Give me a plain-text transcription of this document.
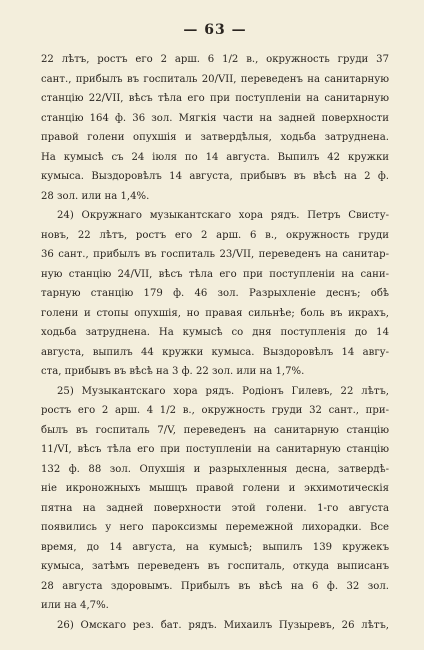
— 63 —

22 лѣтъ, ростъ его 2 арш. 6 1/2 в., окружность груди 37

сант., прибылъ въ госпиталь 20/VII, переведенъ на санитарную

станцію 22/VII, вѣсъ тѣла его при поступленіи на санитарную

станцію 164 ф. 36 зол. Мягкія части на задней поверхности

правой голени опухшія и затвердѣлыя, ходьба затруднена.

На кумысѣ съ 24 іюля по 14 августа. Выпилъ 42 кружки

кумыса. Выздоровѣлъ 14 августа, прибывъ въ вѣсѣ на 2 ф.

28 зол. или на 1,4%.

24) Окружнаго музыкантскаго хора рядъ. Петръ Свисту-

новъ, 22 лѣтъ, ростъ его 2 арш. 6 в., окружность груди

36 сант., прибылъ въ госпиталь 23/VII, переведенъ на санитар-

ную станцію 24/VII, вѣсъ тѣла его при поступленіи на сани-

тарную станцію 179 ф. 46 зол. Разрыхленіе деснъ; обѣ

голени и стопы опухшія, но правая сильнѣе; боль въ икрахъ,

ходьба затруднена. На кумысѣ со дня поступленія до 14

августа, выпилъ 44 кружки кумыса. Выздоровѣлъ 14 авгу-

ста, прибывъ въ вѣсѣ на 3 ф. 22 зол. или на 1,7%.

25) Музыкантскаго хора рядъ. Родіонъ Гилевъ, 22 лѣтъ,

ростъ его 2 арш. 4 1/2 в., окружность груди 32 сант., при-

былъ въ госпиталь 7/V, переведенъ на санитарную станцію

11/VI, вѣсъ тѣла его при поступленіи на санитарную станцію

132 ф. 88 зол. Опухшія и разрыхленныя десна, затвердѣ-

ніе икроножныхъ мышцъ правой голени и экхимотическія

пятна на задней поверхности этой голени. 1-го августа

появились у него пароксизмы перемежной лихорадки. Все

время, до 14 августа, на кумысѣ; выпилъ 139 кружекъ

кумыса, затѣмъ переведенъ въ госпиталь, откуда выписанъ

28 августа здоровымъ. Прибылъ въ вѣсѣ на 6 ф. 32 зол.

или на 4,7%.

26) Омскаго рез. бат. рядъ. Михаилъ Пузыревъ, 26 лѣтъ,
